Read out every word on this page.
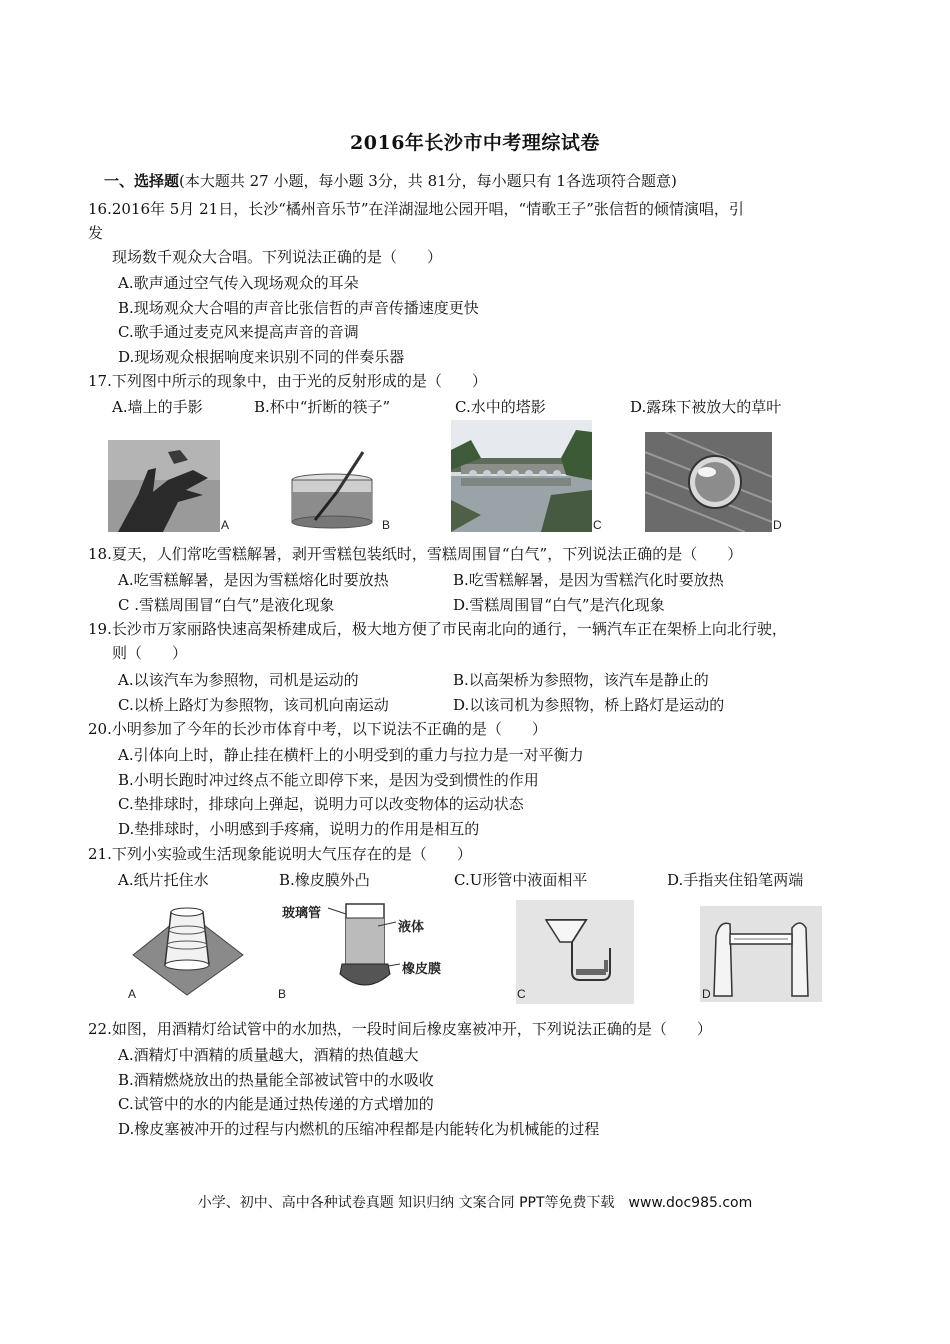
2016年长沙市中考理综试卷
一、选择题(本大题共 27 小题，每小题 3分，共 81分，每小题只有 1各选项符合题意)
16.2016年 5月 21日，长沙“橘州音乐节”在洋湖湿地公园开唱，“情歌王子”张信哲的倾情演唱，引
发
现场数千观众大合唱。下列说法正确的是（　　）
A.歌声通过空气传入现场观众的耳朵
B.现场观众大合唱的声音比张信哲的声音传播速度更快
C.歌手通过麦克风来提高声音的音调
D.现场观众根据响度来识别不同的伴奏乐器
17.下列图中所示的现象中，由于光的反射形成的是（　　）
A.墙上的手影	B.杯中“折断的筷子”	C.水中的塔影	D.露珠下被放大的草叶
A	B	C	D
18.夏天，人们常吃雪糕解暑，剥开雪糕包装纸时，雪糕周围冒“白气”，下列说法正确的是（　　）
A.吃雪糕解暑，是因为雪糕熔化时要放热	B.吃雪糕解暑，是因为雪糕汽化时要放热
C .雪糕周围冒“白气”是液化现象	D.雪糕周围冒“白气”是汽化现象
19.长沙市万家丽路快速高架桥建成后，极大地方便了市民南北向的通行，一辆汽车正在架桥上向北行驶，
则（　　）
A.以该汽车为参照物，司机是运动的	B.以高架桥为参照物，该汽车是静止的
C.以桥上路灯为参照物，该司机向南运动	D.以该司机为参照物，桥上路灯是运动的
20.小明参加了今年的长沙市体育中考，以下说法不正确的是（　　）
A.引体向上时，静止挂在横杆上的小明受到的重力与拉力是一对平衡力
B.小明长跑时冲过终点不能立即停下来，是因为受到惯性的作用
C.垫排球时，排球向上弹起，说明力可以改变物体的运动状态
D.垫排球时，小明感到手疼痛，说明力的作用是相互的
21.下列小实验或生活现象能说明大气压存在的是（　　）
A.纸片托住水	B.橡皮膜外凸	C.U形管中液面相平	D.手指夹住铅笔两端
A
玻璃管
液体
橡皮膜
B	C	D
22.如图，用酒精灯给试管中的水加热，一段时间后橡皮塞被冲开，下列说法正确的是（　　）
A.酒精灯中酒精的质量越大，酒精的热值越大
B.酒精燃烧放出的热量能全部被试管中的水吸收
C.试管中的水的内能是通过热传递的方式增加的
D.橡皮塞被冲开的过程与内燃机的压缩冲程都是内能转化为机械能的过程
小学、初中、高中各种试卷真题 知识归纳 文案合同 PPT等免费下载　www.doc985.com
